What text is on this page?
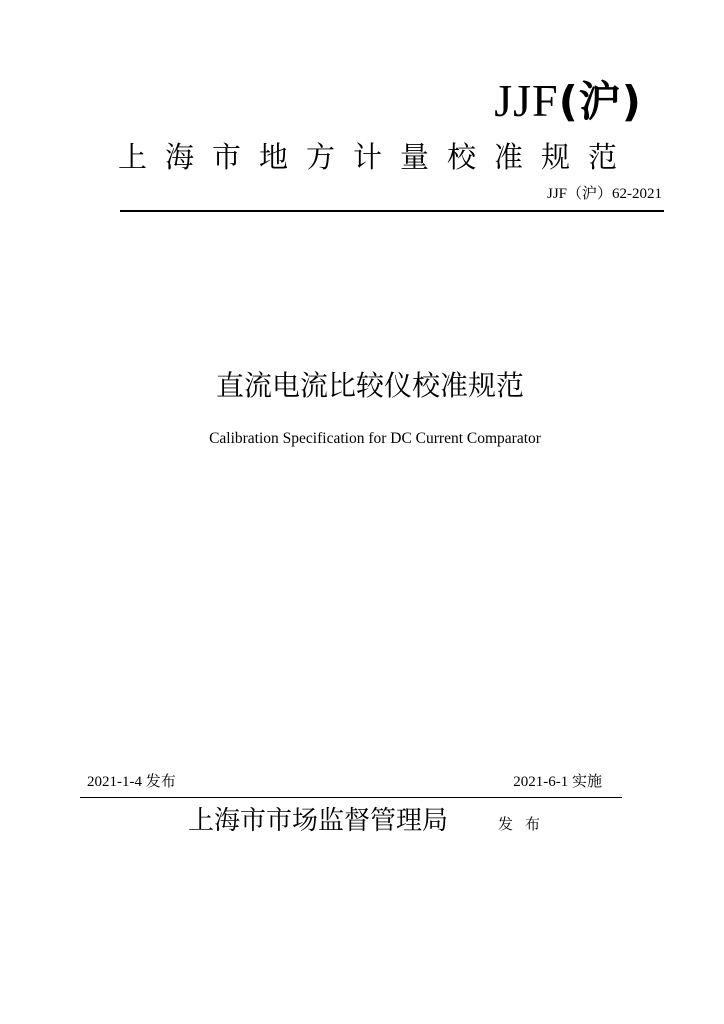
JJF(沪)
上海市地方计量校准规范
JJF（沪）62-2021
直流电流比较仪校准规范
Calibration Specification for DC Current Comparator
2021-1-4 发布	2021-6-1 实施
上海市市场监督管理局	发布
